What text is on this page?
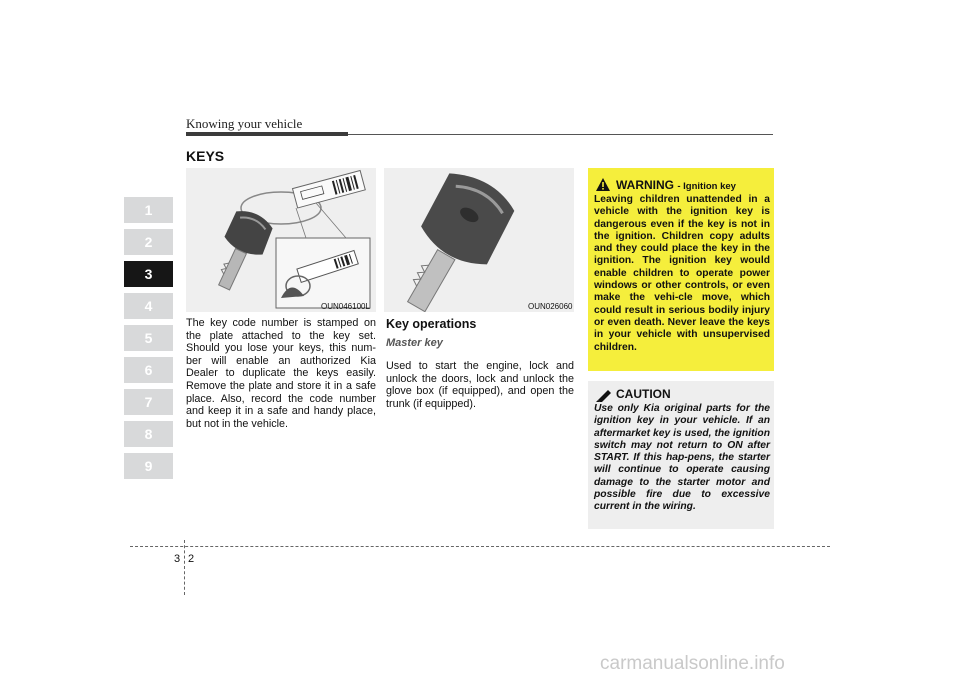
Knowing your vehicle
KEYS
1
2
3
4
5
6
7
8
9
OUN046100L	OUN026060
The key code number is stamped on the plate attached to the key set. Should you lose your keys, this num-ber will enable an authorized Kia Dealer to duplicate the keys easily. Remove the plate and store it in a safe place. Also, record the code number and keep it in a safe and handy place, but not in the vehicle.
Key operations
Master key
Used to start the engine, lock and unlock the doors, lock and unlock the glove box (if equipped), and open the trunk (if equipped).
WARNING - Ignition key
Leaving children unattended in a vehicle with the ignition key is dangerous even if the key is not in the ignition. Children copy adults and they could place the key in the ignition. The ignition key would enable children to operate power windows or other controls, or even make the vehi-cle move, which could result in serious bodily injury or even death. Never leave the keys in your vehicle with unsupervised children.
CAUTION
Use only Kia original parts for the ignition key in your vehicle. If an aftermarket key is used, the ignition switch may not return to ON after START. If this hap-pens, the starter will continue to operate causing damage to the starter motor and possible fire due to excessive current in the wiring.
3 2
carmanualsonline.info
